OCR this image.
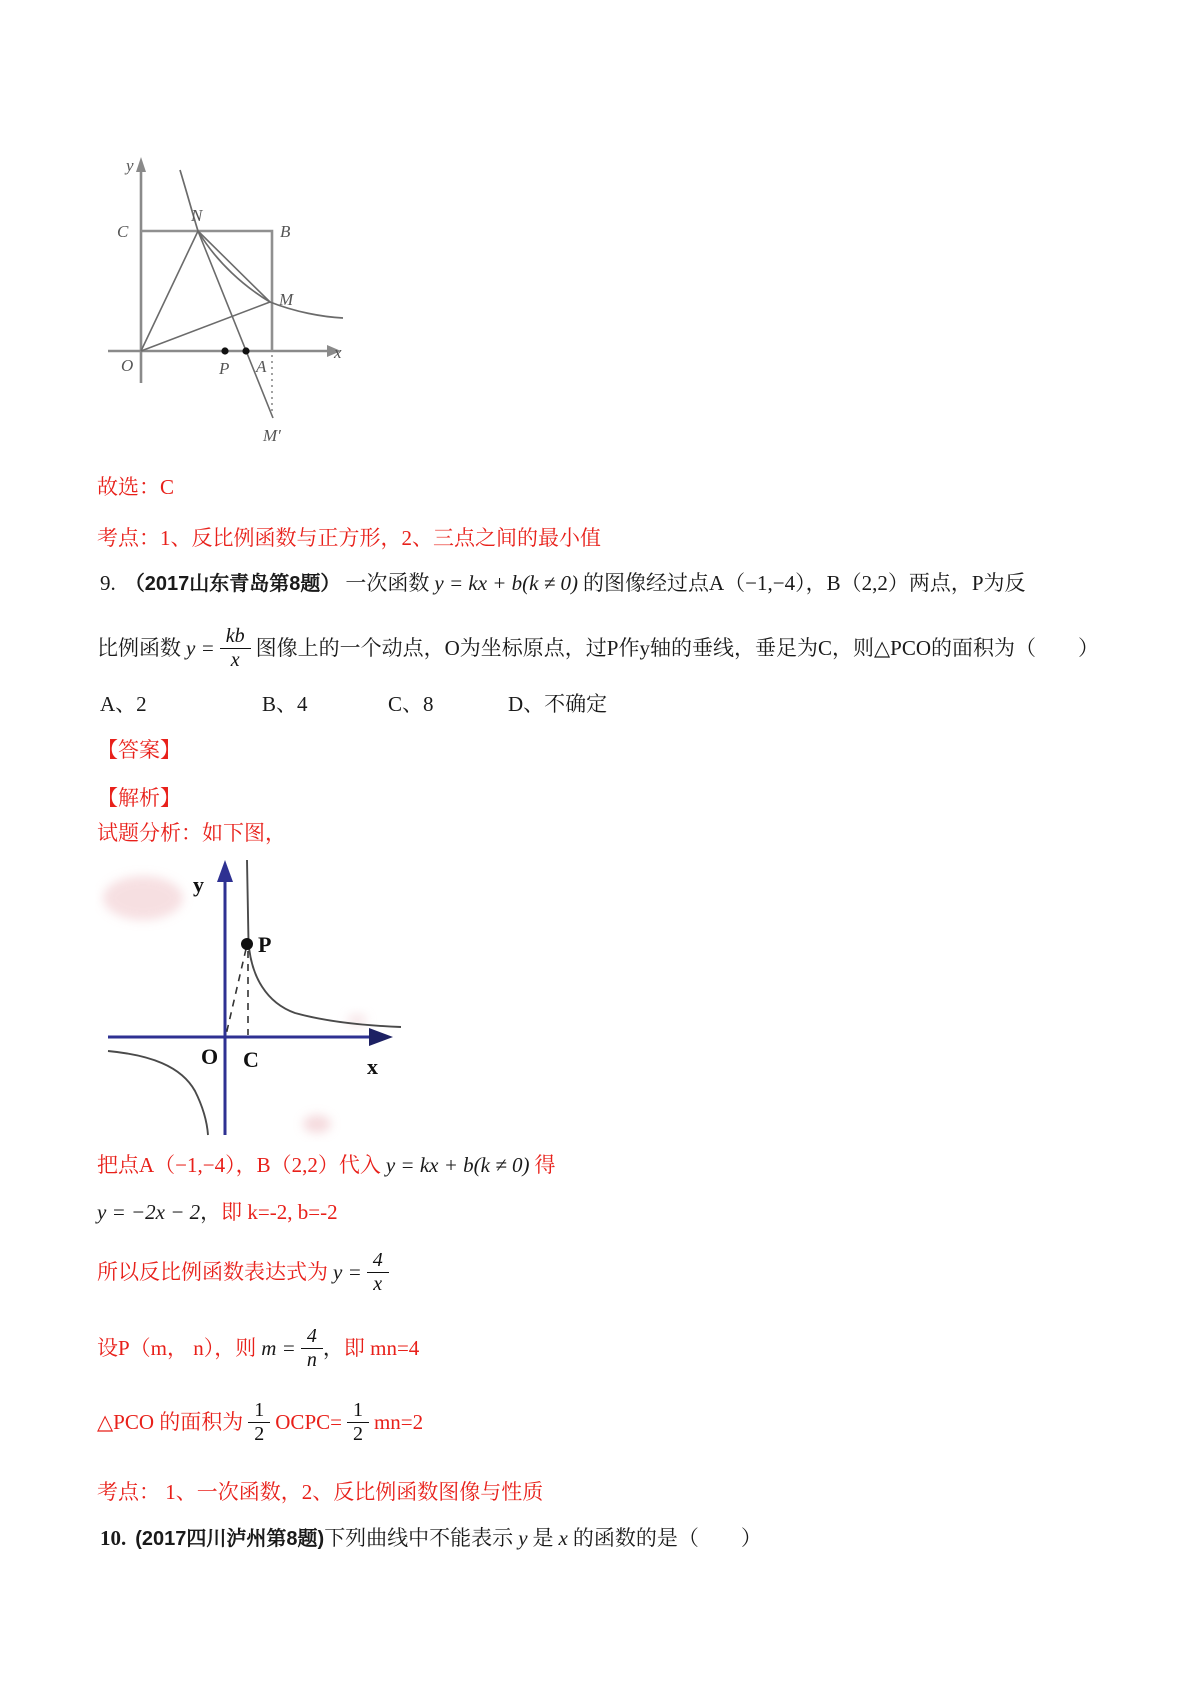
y
C
N
B
M
O	P A
x
M′
故选：C
考点：1、反比例函数与正方形，2、三点之间的最小值
9. （2017山东青岛第8题） 一次函数 y = kx + b(k ≠ 0) 的图像经过点A（−1,−4），B（2,2）两点，P为反
比例函数 $y = \frac{kb}{x}$ 图像上的一个动点，O为坐标原点，过P作y轴的垂线，垂足为C，则△PCO的面积为（　　）
A、2	B、4	C、8	D、不确定
【答案】
【解析】
试题分析：如下图，
y
P
O C	x
把点A（−1,−4），B（2,2）代入 y = kx + b(k ≠ 0) 得
y = −2x − 2，即 k=-2, b=-2
所以反比例函数表达式为 $y = \frac{4}{x}$
设P（m， n），则 $m = \frac{4}{n}$ ， 即 mn=4
△PCO 的面积为 $\frac{1}{2}$ OCPC= $\frac{1}{2} mn=2$
考点： 1、一次函数，2、反比例函数图像与性质
10. (2017四川泸州第8题)下列曲线中不能表示 y 是 x 的函数的是（　　）
